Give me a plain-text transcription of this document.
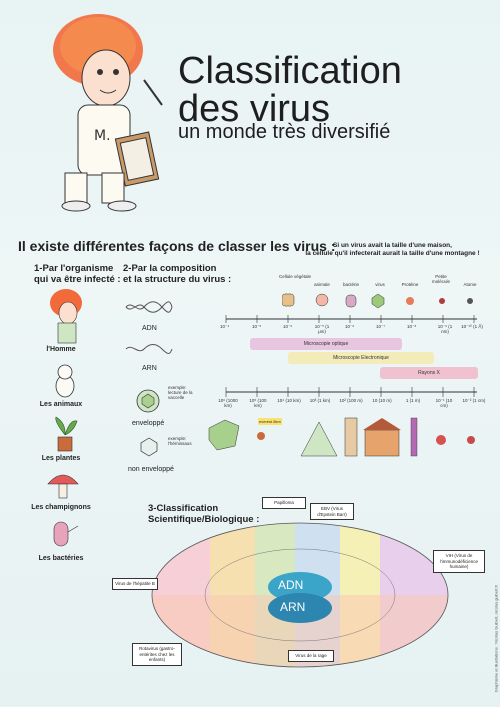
M.
Classification
des virus
un monde très diversifié
Il existe différentes façons de classer les virus :
1-Par l'organisme
qui va être infecté :
l'Homme
Les animaux
Les plantes
Les champignons
Les bactéries
2-Par la composition
et la structure du virus :
ADN
ARN
exemple: lecture de la vaccelle
enveloppé
exemple: l'hérnissaus
non enveloppé
Si un virus avait la taille d'une maison,
la cellule qu'il infecterait aurait la taille d'une montagne !
Cellule végétale
animale	bactérie	virus	Protéine
Petite molécule
Atome
10⁻⁴	10⁻⁵	10⁻⁶	10⁻⁵ (1 μm)
10⁻⁶	10⁻⁷	10⁻⁸	10⁻⁹ (1 nm)
10⁻¹⁰ (1 Å)
Microscopie optique
Microscopie Electronique
Rayons X
10⁶ (1000 km)
10⁵ (100 km)
10⁴ (10 km)	10³ (1 km)	10² (100 m)	10 (10 m)	1 (1 m)	10⁻¹ (10 cm)
10⁻² (1 cm)
everest 8km
3-Classification
Scientifique/Biologique :
ADN
ARN
Papilloma
EBV (Virus d'Epstein Barr)
VIH (Virus de l'immunodéficience humaine)
Virus de l'hépatite B
Rotavirus (gastro-entérites chez les enfants)
Virus de la rage	Graphisme et illustrations : Nicolas Guibert, nicolas.guibert.fr
